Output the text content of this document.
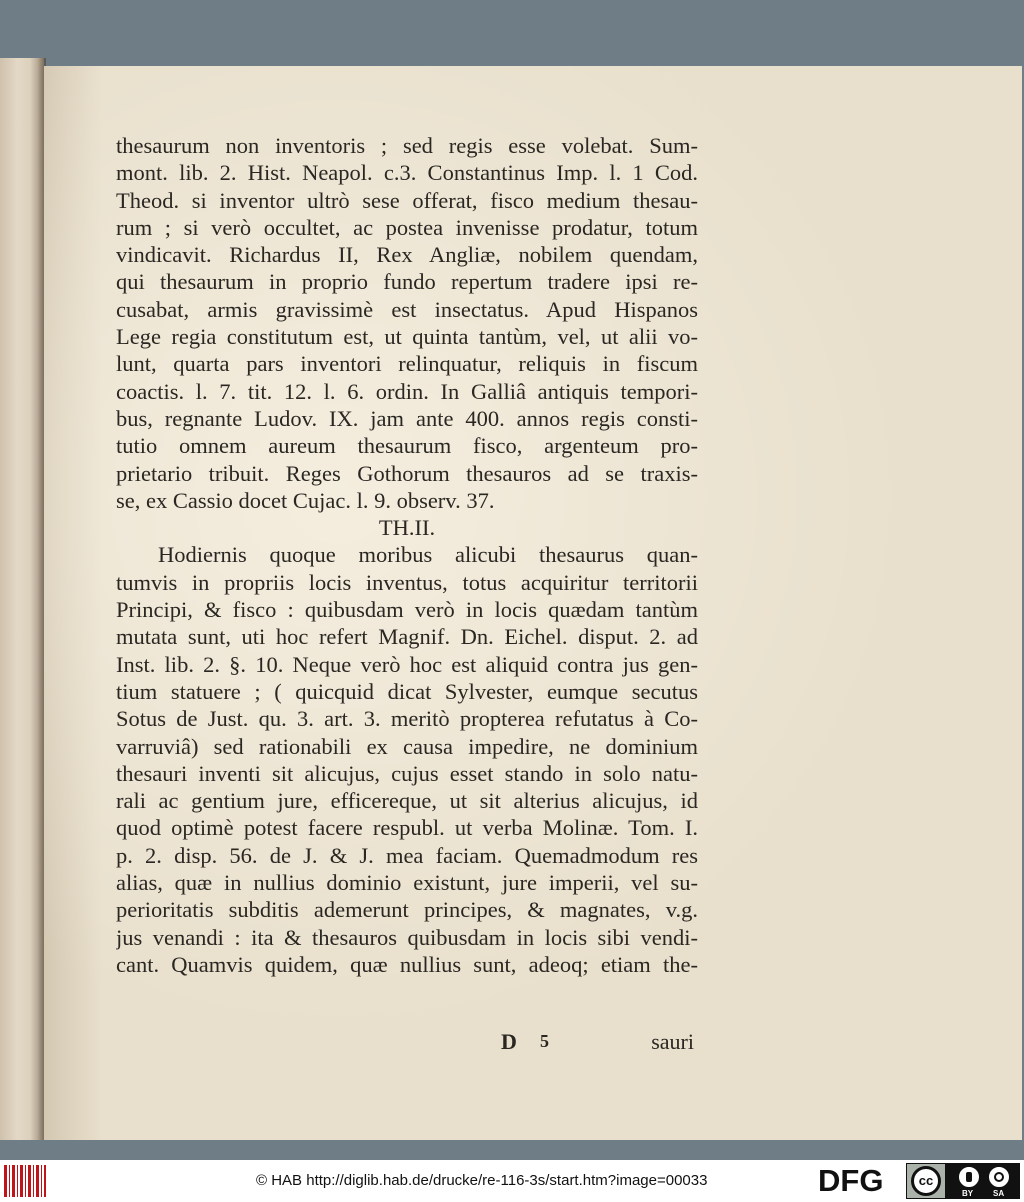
thesaurum non inventoris ; sed regis esse volebat. Sum-
mont. lib. 2. Hist. Neapol. c.3. Constantinus Imp. l. 1 Cod.
Theod. si inventor ultrò sese offerat, fisco medium thesau-
rum ; si verò occultet, ac postea invenisse prodatur, totum
vindicavit. Richardus II, Rex Angliæ, nobilem quendam,
qui thesaurum in proprio fundo repertum tradere ipsi re-
cusabat, armis gravissimè est insectatus. Apud Hispanos
Lege regia constitutum est, ut quinta tantùm, vel, ut alii vo-
lunt, quarta pars inventori relinquatur, reliquis in fiscum
coactis. l. 7. tit. 12. l. 6. ordin. In Galliâ antiquis tempori-
bus, regnante Ludov. IX. jam ante 400. annos regis consti-
tutio omnem aureum thesaurum fisco, argenteum pro-
prietario tribuit. Reges Gothorum thesauros ad se traxis-
se, ex Cassio docet Cujac. l. 9. observ. 37.
TH.II.
Hodiernis quoque moribus alicubi thesaurus quan-
tumvis in propriis locis inventus, totus acquiritur territorii
Principi, & fisco : quibusdam verò in locis quædam tantùm
mutata sunt, uti hoc refert Magnif. Dn. Eichel. disput. 2. ad
Inst. lib. 2. §. 10. Neque verò hoc est aliquid contra jus gen-
tium statuere ; ( quicquid dicat Sylvester, eumque secutus
Sotus de Just. qu. 3. art. 3. meritò propterea refutatus à Co-
varruviâ) sed rationabili ex causa impedire, ne dominium
thesauri inventi sit alicujus, cujus esset stando in solo natu-
rali ac gentium jure, efficereque, ut sit alterius alicujus, id
quod optimè potest facere respubl. ut verba Molinæ. Tom. I.
p. 2. disp. 56. de J. & J. mea faciam. Quemadmodum res
alias, quæ in nullius dominio existunt, jure imperii, vel su-
perioritatis subditis ademerunt principes, & magnates, v.g.
jus venandi : ita & thesauros quibusdam in locis sibi vendi-
cant. Quamvis quidem, quæ nullius sunt, adeoq; etiam the-
D 5	sauri
© HAB http://diglib.hab.de/drucke/re-116-3s/start.htm?image=00033	DFG	cc
BY SA
